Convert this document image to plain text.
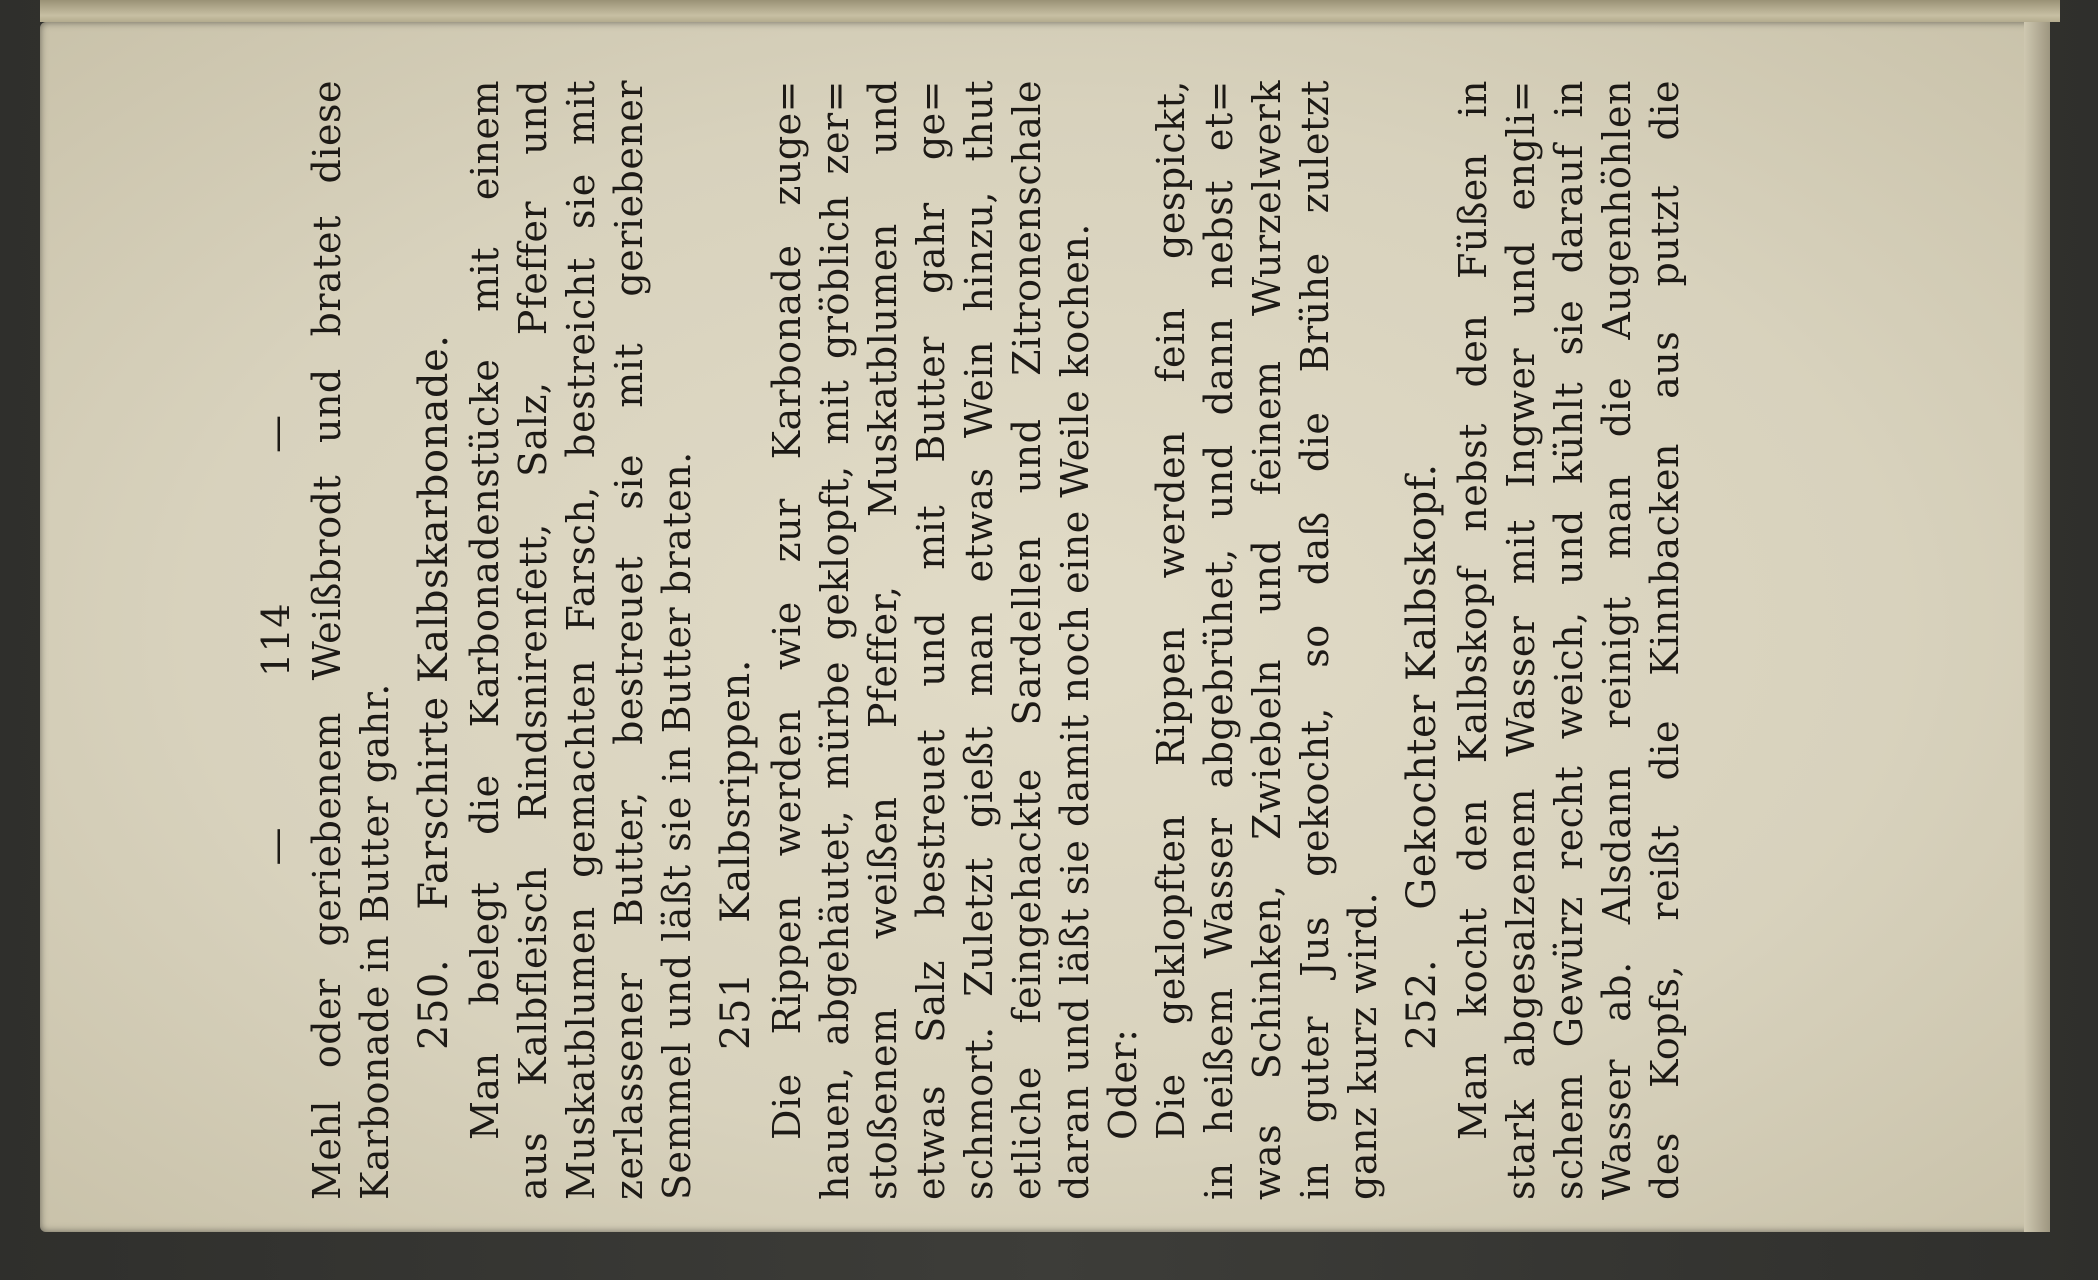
—
114
— Mehl oder geriebenem Weißbrodt und bratet diese Karbonade in Butter gahr. 250. Farschirte Kalbskarbonade. Man belegt die Karbonadenstücke mit einem aus Kalbfleisch Rindsnirenfett, Salz, Pfeffer und Muskatblumen gemachten Farsch, bestreicht sie mit zerlassener Butter, bestreuet sie mit geriebener Semmel und läßt sie in Butter braten. 251 Kalbsrippen. Die Rippen werden wie zur Karbonade zuge= hauen, abgehäutet, mürbe geklopft, mit gröblich zer= stoßenem weißen Pfeffer, Muskatblumen und etwas Salz bestreuet und mit Butter gahr ge= schmort. Zuletzt gießt man etwas Wein hinzu, thut etliche feingehackte Sardellen und Zitronenschale daran und läßt sie damit noch eine Weile kochen. Oder: Die geklopften Rippen werden fein gespickt, in heißem Wasser abgebrühet, und dann nebst et= was Schinken, Zwiebeln und feinem Wurzelwerk in guter Jus gekocht, so daß die Brühe zuletzt ganz kurz wird. 252. Gekochter Kalbskopf. Man kocht den Kalbskopf nebst den Füßen in stark abgesalzenem Wasser mit Ingwer und engli= schem Gewürz recht weich, und kühlt sie darauf in Wasser ab. Alsdann reinigt man die Augenhöhlen des Kopfs, reißt die Kinnbacken aus putzt die
